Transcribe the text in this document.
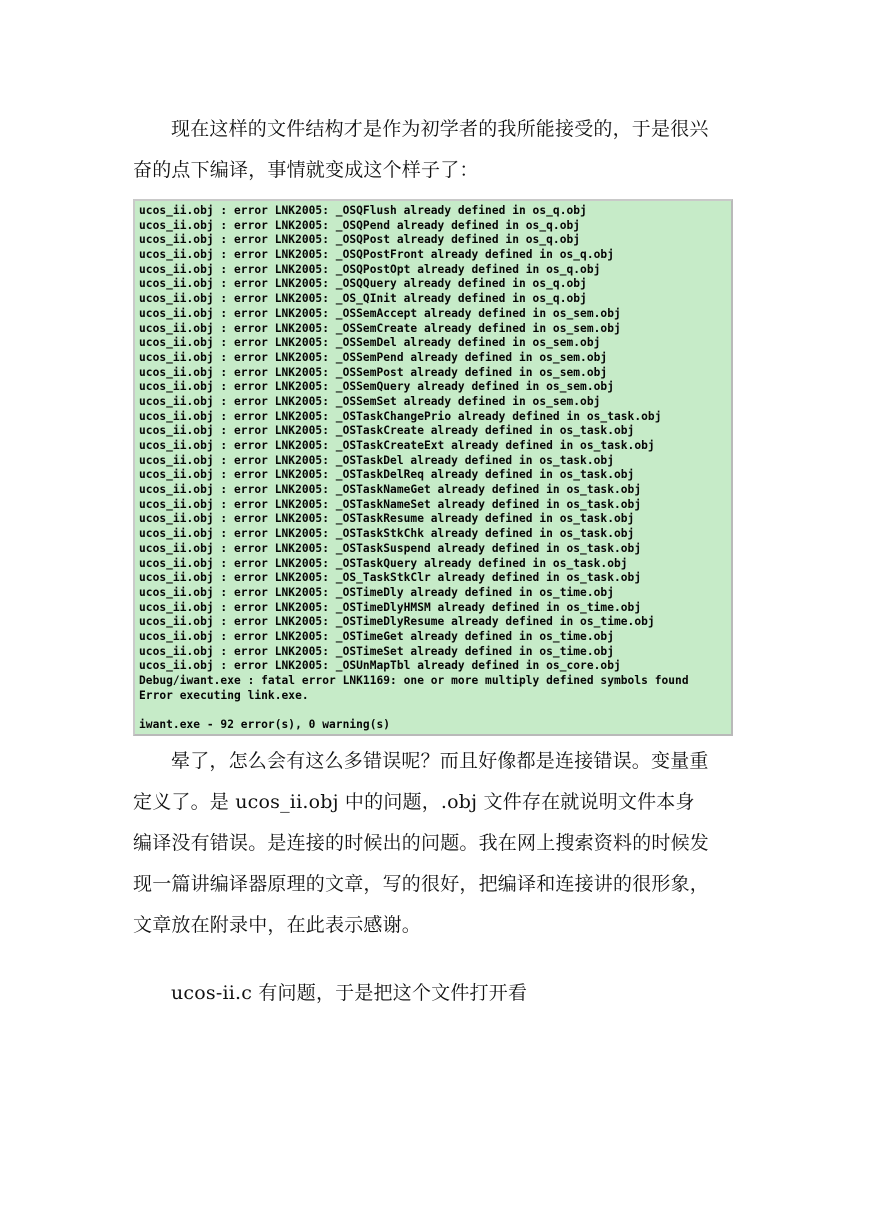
现在这样的文件结构才是作为初学者的我所能接受的，于是很兴
奋的点下编译，事情就变成这个样子了：

ucos_ii.obj : error LNK2005: _OSQFlush already defined in os_q.obj
ucos_ii.obj : error LNK2005: _OSQPend already defined in os_q.obj
ucos_ii.obj : error LNK2005: _OSQPost already defined in os_q.obj
ucos_ii.obj : error LNK2005: _OSQPostFront already defined in os_q.obj
ucos_ii.obj : error LNK2005: _OSQPostOpt already defined in os_q.obj
ucos_ii.obj : error LNK2005: _OSQQuery already defined in os_q.obj
ucos_ii.obj : error LNK2005: _OS_QInit already defined in os_q.obj
ucos_ii.obj : error LNK2005: _OSSemAccept already defined in os_sem.obj
ucos_ii.obj : error LNK2005: _OSSemCreate already defined in os_sem.obj
ucos_ii.obj : error LNK2005: _OSSemDel already defined in os_sem.obj
ucos_ii.obj : error LNK2005: _OSSemPend already defined in os_sem.obj
ucos_ii.obj : error LNK2005: _OSSemPost already defined in os_sem.obj
ucos_ii.obj : error LNK2005: _OSSemQuery already defined in os_sem.obj
ucos_ii.obj : error LNK2005: _OSSemSet already defined in os_sem.obj
ucos_ii.obj : error LNK2005: _OSTaskChangePrio already defined in os_task.obj
ucos_ii.obj : error LNK2005: _OSTaskCreate already defined in os_task.obj
ucos_ii.obj : error LNK2005: _OSTaskCreateExt already defined in os_task.obj
ucos_ii.obj : error LNK2005: _OSTaskDel already defined in os_task.obj
ucos_ii.obj : error LNK2005: _OSTaskDelReq already defined in os_task.obj
ucos_ii.obj : error LNK2005: _OSTaskNameGet already defined in os_task.obj
ucos_ii.obj : error LNK2005: _OSTaskNameSet already defined in os_task.obj
ucos_ii.obj : error LNK2005: _OSTaskResume already defined in os_task.obj
ucos_ii.obj : error LNK2005: _OSTaskStkChk already defined in os_task.obj
ucos_ii.obj : error LNK2005: _OSTaskSuspend already defined in os_task.obj
ucos_ii.obj : error LNK2005: _OSTaskQuery already defined in os_task.obj
ucos_ii.obj : error LNK2005: _OS_TaskStkClr already defined in os_task.obj
ucos_ii.obj : error LNK2005: _OSTimeDly already defined in os_time.obj
ucos_ii.obj : error LNK2005: _OSTimeDlyHMSM already defined in os_time.obj
ucos_ii.obj : error LNK2005: _OSTimeDlyResume already defined in os_time.obj
ucos_ii.obj : error LNK2005: _OSTimeGet already defined in os_time.obj
ucos_ii.obj : error LNK2005: _OSTimeSet already defined in os_time.obj
ucos_ii.obj : error LNK2005: _OSUnMapTbl already defined in os_core.obj
Debug/iwant.exe : fatal error LNK1169: one or more multiply defined symbols found
Error executing link.exe.
iwant.exe - 92 error(s), 0 warning(s)

晕了，怎么会有这么多错误呢？而且好像都是连接错误。变量重
定义了。是 ucos_ii.obj 中的问题，.obj 文件存在就说明文件本身
编译没有错误。是连接的时候出的问题。我在网上搜索资料的时候发
现一篇讲编译器原理的文章，写的很好，把编译和连接讲的很形象，
文章放在附录中，在此表示感谢。

ucos-ii.c 有问题，于是把这个文件打开看
